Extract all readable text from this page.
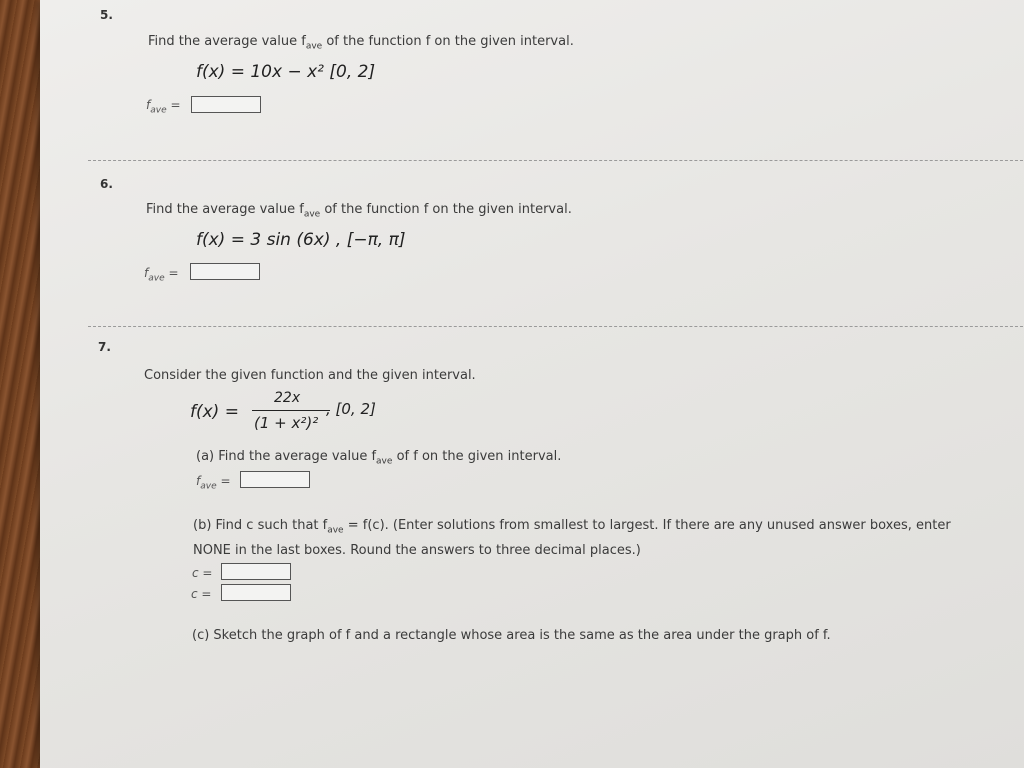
5.
Find the average value $f_{ave}$ of the function f on the given interval.
f(x) = 10x − x² [0, 2]
$f_{ave}$ =
6.
Find the average value $f_{ave}$ of the function f on the given interval.
f(x) = 3 sin (6x) , [−π, π]
$f_{ave}$ =
7.
Consider the given function and the given interval.
f(x) =
22x
(1 + x²)²
, [0, 2]
(a) Find the average value $f_{ave}$ of f on the given interval.
$f_{ave}$ =
(b) Find c such that $f_{ave} = f(c)$. (Enter solutions from smallest to largest. If there are any unused answer boxes, enter
NONE in the last boxes. Round the answers to three decimal places.)
c =
c =
(c) Sketch the graph of f and a rectangle whose area is the same as the area under the graph of f.
